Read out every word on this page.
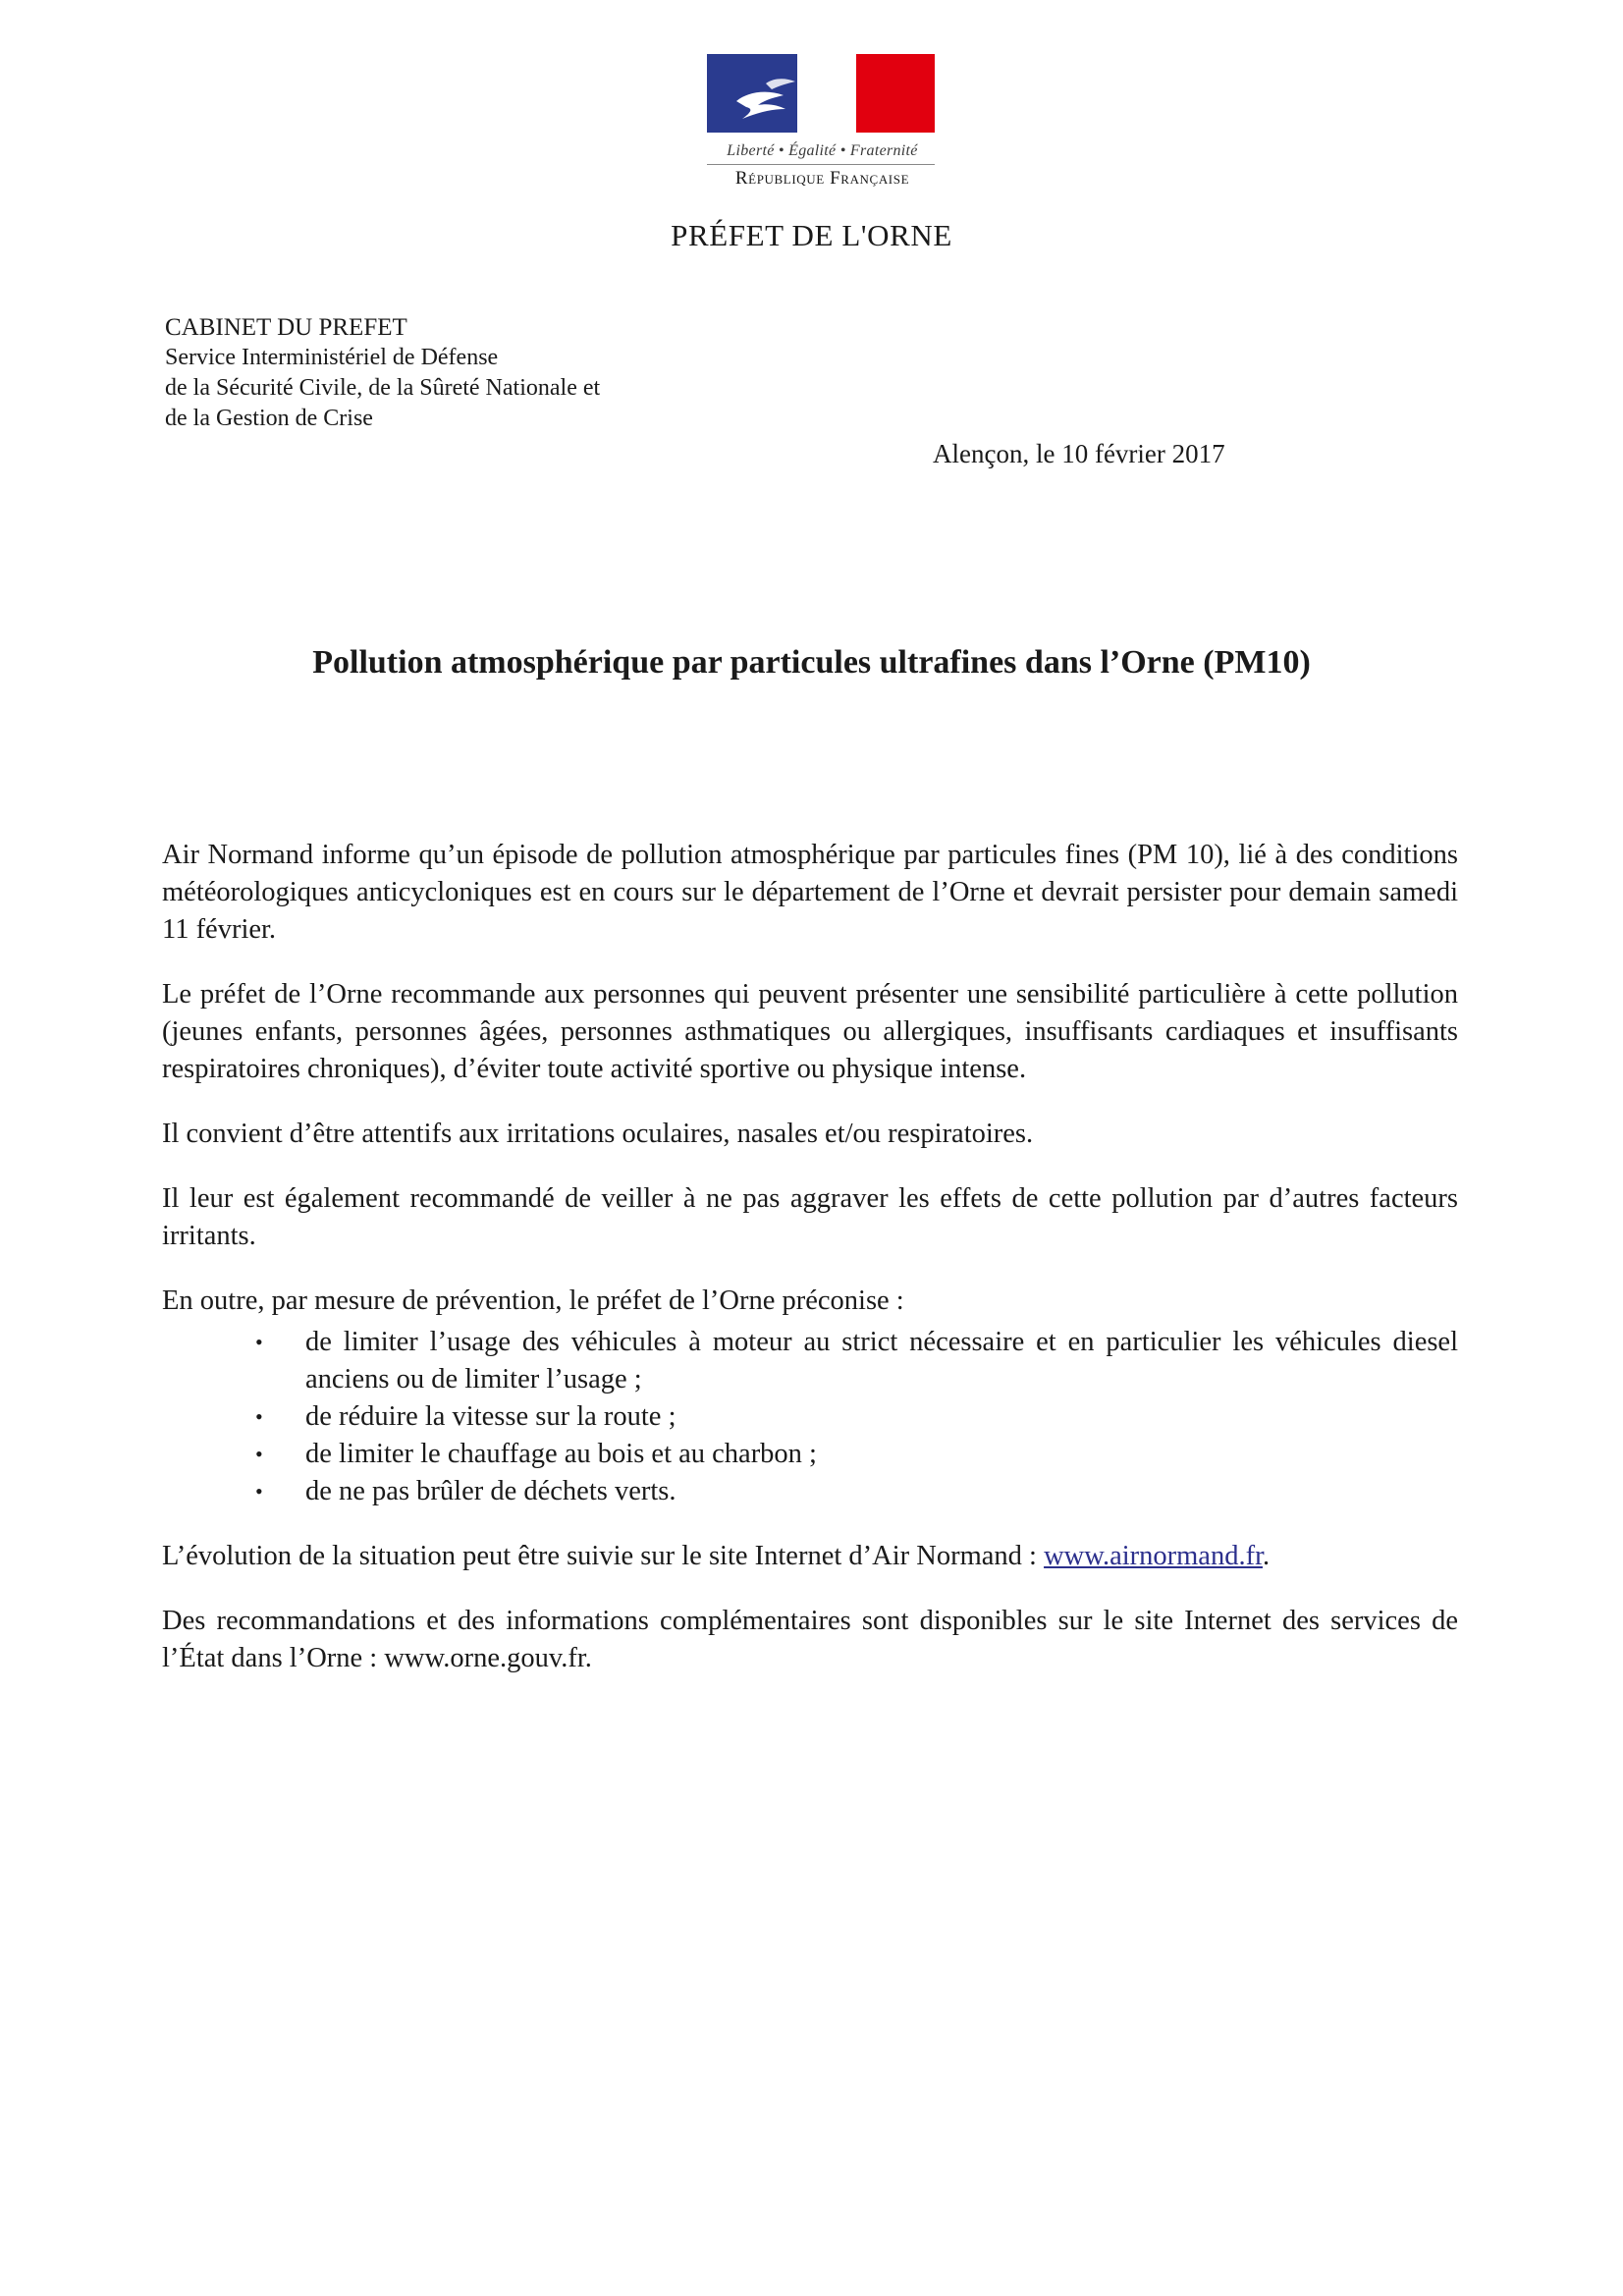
Liberté • Égalité • Fraternité
République Française
PRÉFET DE L'ORNE
CABINET DU PREFET
Service Interministériel de Défense
de la Sécurité Civile, de la Sûreté Nationale et
de la Gestion de Crise
Alençon, le 10 février 2017
Pollution atmosphérique par particules ultrafines dans l’Orne (PM10)

Air Normand informe qu’un épisode de pollution atmosphérique par particules fines (PM 10), lié à des conditions météorologiques anticycloniques est en cours sur le département de l’Orne et devrait persister pour demain samedi 11 février.

Le préfet de l’Orne recommande aux personnes qui peuvent présenter une sensibilité particulière à cette pollution (jeunes enfants, personnes âgées, personnes asthmatiques ou allergiques, insuffisants cardiaques et insuffisants respiratoires chroniques), d’éviter toute activité sportive ou physique intense.

Il convient d’être attentifs aux irritations oculaires, nasales et/ou respiratoires.

Il leur est également recommandé de veiller à ne pas aggraver les effets de cette pollution par d’autres facteurs irritants.

En outre, par mesure de prévention, le préfet de l’Orne préconise :

• de limiter l’usage des véhicules à moteur au strict nécessaire et en particulier les véhicules diesel anciens ou de limiter l’usage ;
• de réduire la vitesse sur la route ;
• de limiter le chauffage au bois et au charbon ;
• de ne pas brûler de déchets verts.

L’évolution de la situation peut être suivie sur le site Internet d’Air Normand : www.airnormand.fr.

Des recommandations et des informations complémentaires sont disponibles sur le site Internet des services de l’État dans l’Orne : www.orne.gouv.fr.
